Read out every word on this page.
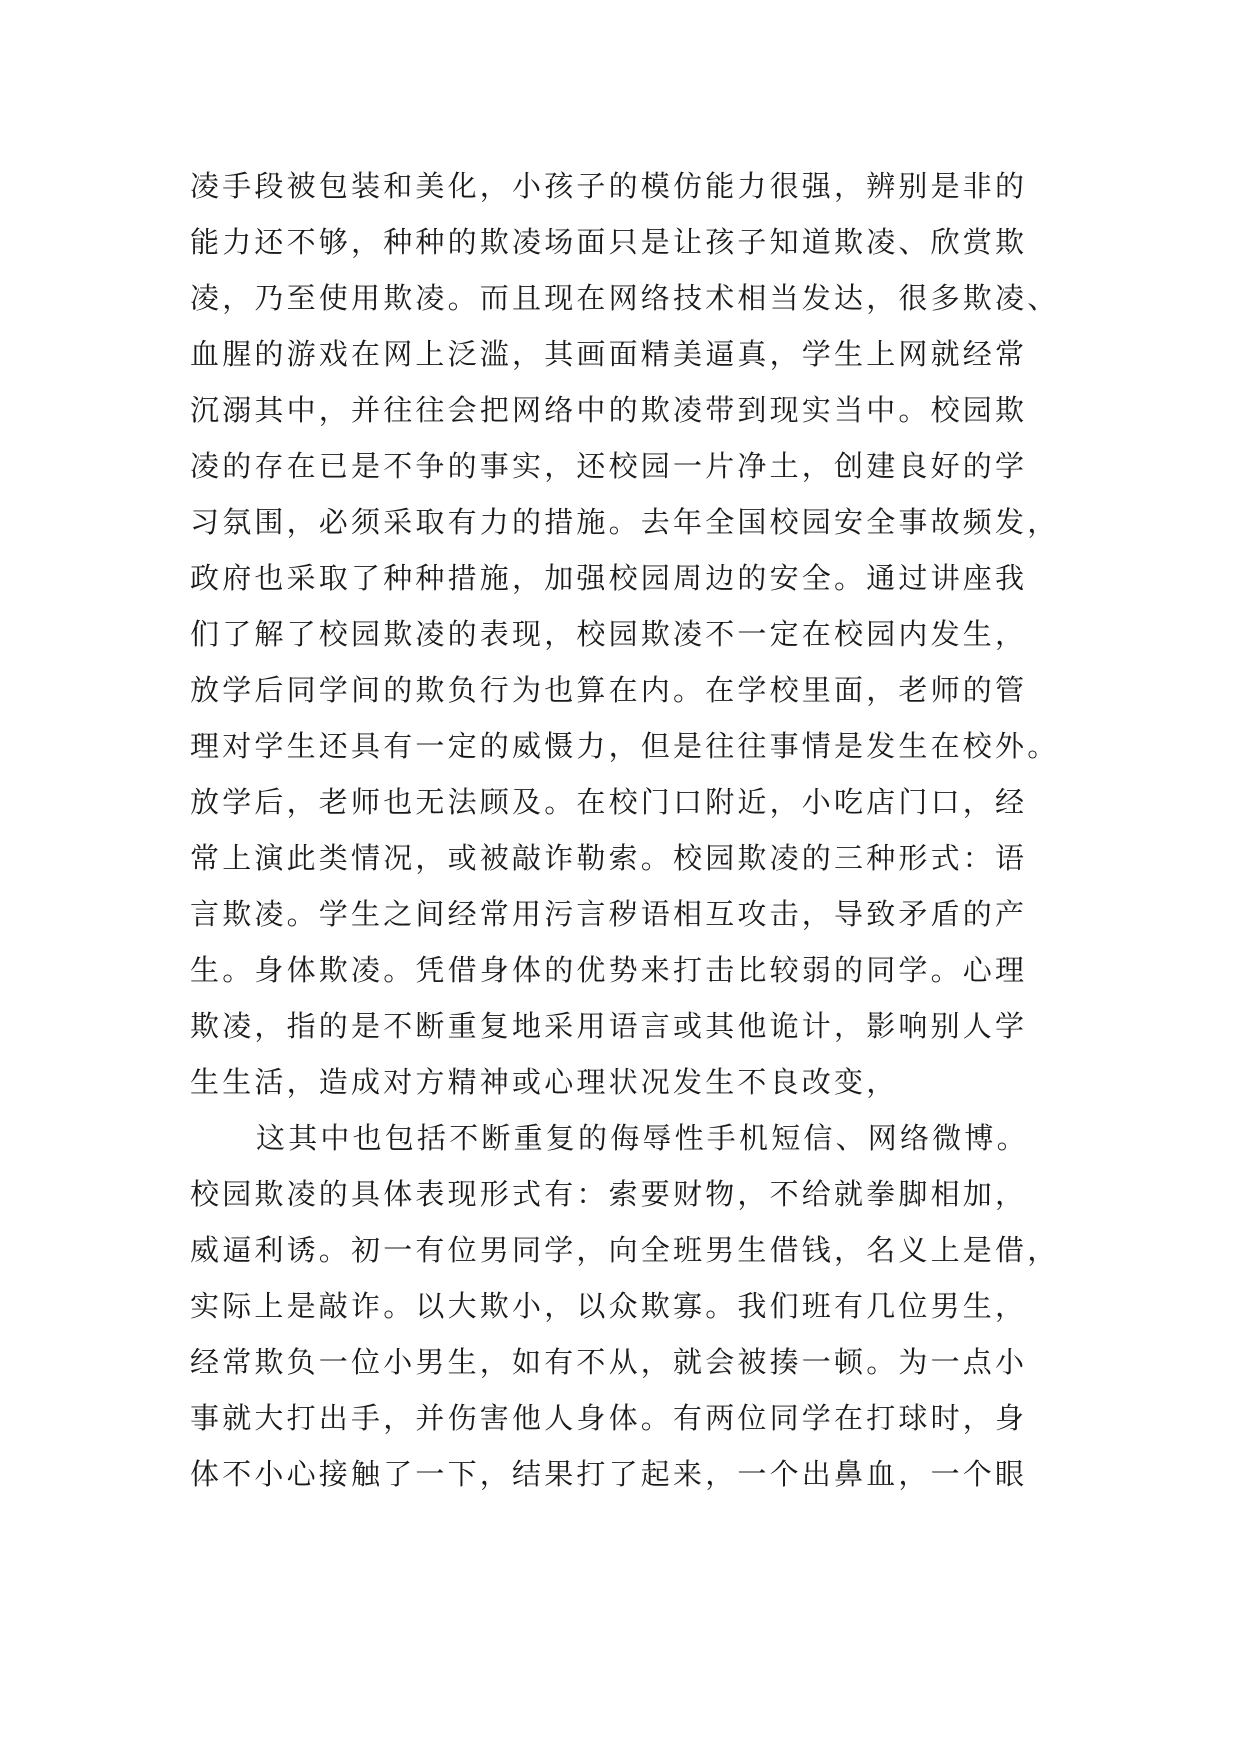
凌手段被包装和美化，小孩子的模仿能力很强，辨别是非的
能力还不够，种种的欺凌场面只是让孩子知道欺凌、欣赏欺
凌，乃至使用欺凌。而且现在网络技术相当发达，很多欺凌、
血腥的游戏在网上泛滥，其画面精美逼真，学生上网就经常
沉溺其中，并往往会把网络中的欺凌带到现实当中。校园欺
凌的存在已是不争的事实，还校园一片净土，创建良好的学
习氛围，必须采取有力的措施。去年全国校园安全事故频发，
政府也采取了种种措施，加强校园周边的安全。通过讲座我
们了解了校园欺凌的表现，校园欺凌不一定在校园内发生，
放学后同学间的欺负行为也算在内。在学校里面，老师的管
理对学生还具有一定的威慑力，但是往往事情是发生在校外。
放学后，老师也无法顾及。在校门口附近，小吃店门口，经
常上演此类情况，或被敲诈勒索。校园欺凌的三种形式：语
言欺凌。学生之间经常用污言秽语相互攻击，导致矛盾的产
生。身体欺凌。凭借身体的优势来打击比较弱的同学。心理
欺凌，指的是不断重复地采用语言或其他诡计，影响别人学
生生活，造成对方精神或心理状况发生不良改变，
这其中也包括不断重复的侮辱性手机短信、网络微博。
校园欺凌的具体表现形式有：索要财物，不给就拳脚相加，
威逼利诱。初一有位男同学，向全班男生借钱，名义上是借，
实际上是敲诈。以大欺小，以众欺寡。我们班有几位男生，
经常欺负一位小男生，如有不从，就会被揍一顿。为一点小
事就大打出手，并伤害他人身体。有两位同学在打球时，身
体不小心接触了一下，结果打了起来，一个出鼻血，一个眼
